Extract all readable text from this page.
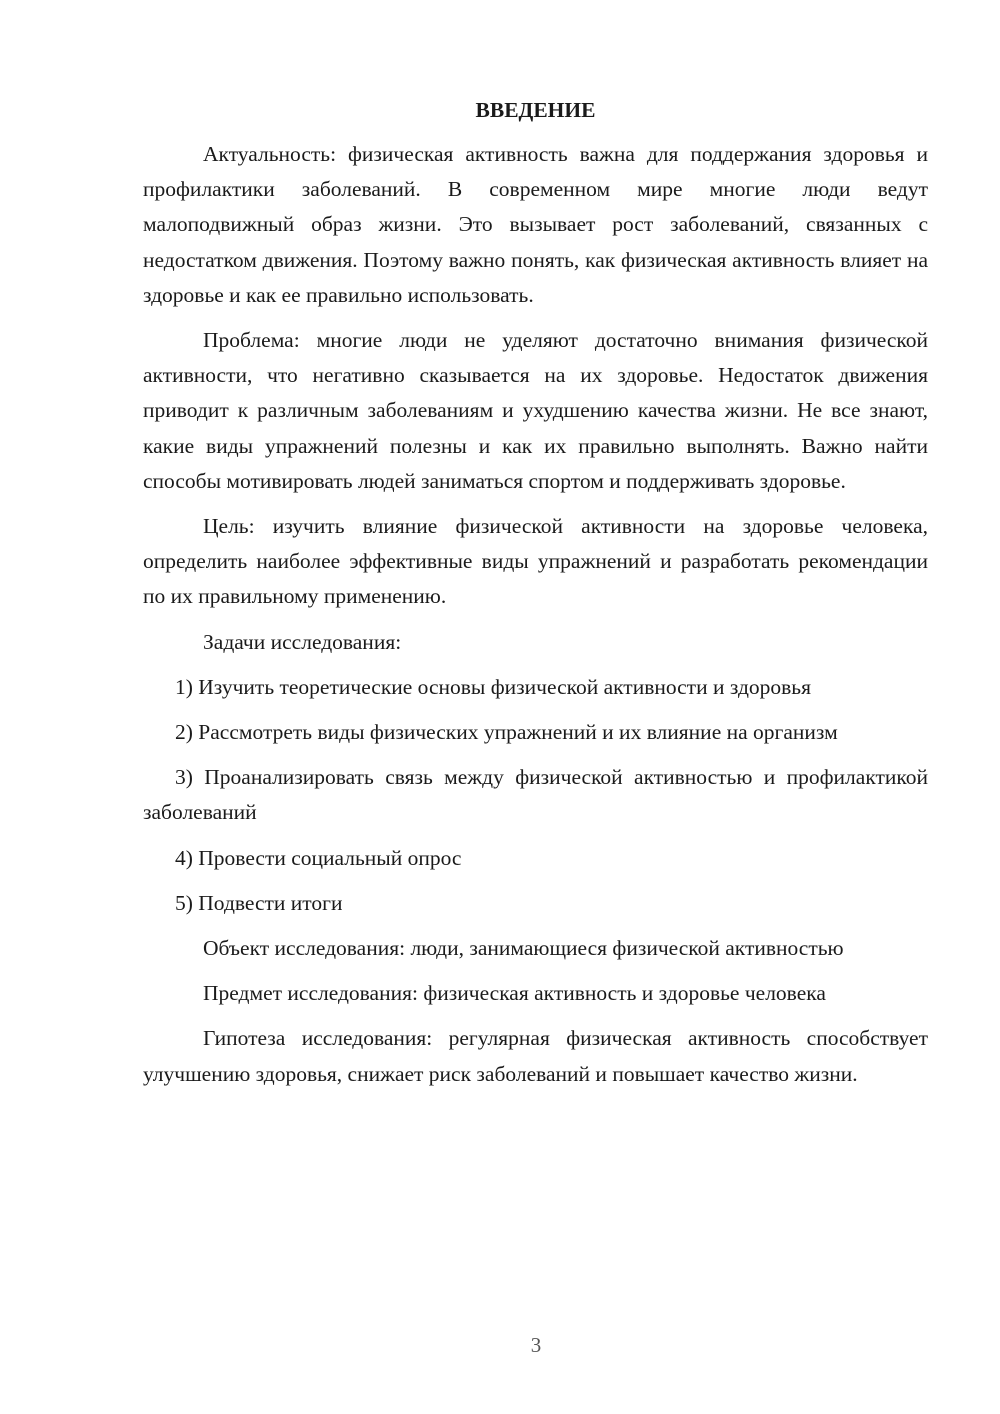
ВВЕДЕНИЕ

Актуальность: физическая активность важна для поддержания здоровья и профилактики заболеваний. В современном мире многие люди ведут малоподвижный образ жизни. Это вызывает рост заболеваний, связанных с недостатком движения. Поэтому важно понять, как физическая активность влияет на здоровье и как ее правильно использовать.

Проблема: многие люди не уделяют достаточно внимания физической активности, что негативно сказывается на их здоровье. Недостаток движения приводит к различным заболеваниям и ухудшению качества жизни. Не все знают, какие виды упражнений полезны и как их правильно выполнять. Важно найти способы мотивировать людей заниматься спортом и поддерживать здоровье.

Цель: изучить влияние физической активности на здоровье человека, определить наиболее эффективные виды упражнений и разработать рекомендации по их правильному применению.

Задачи исследования:

1) Изучить теоретические основы физической активности и здоровья

2) Рассмотреть виды физических упражнений и их влияние на организм

3) Проанализировать связь между физической активностью и профилактикой заболеваний

4) Провести социальный опрос

5) Подвести итоги

Объект исследования: люди, занимающиеся физической активностью

Предмет исследования: физическая активность и здоровье человека

Гипотеза исследования: регулярная физическая активность способствует улучшению здоровья, снижает риск заболеваний и повышает качество жизни.

3
